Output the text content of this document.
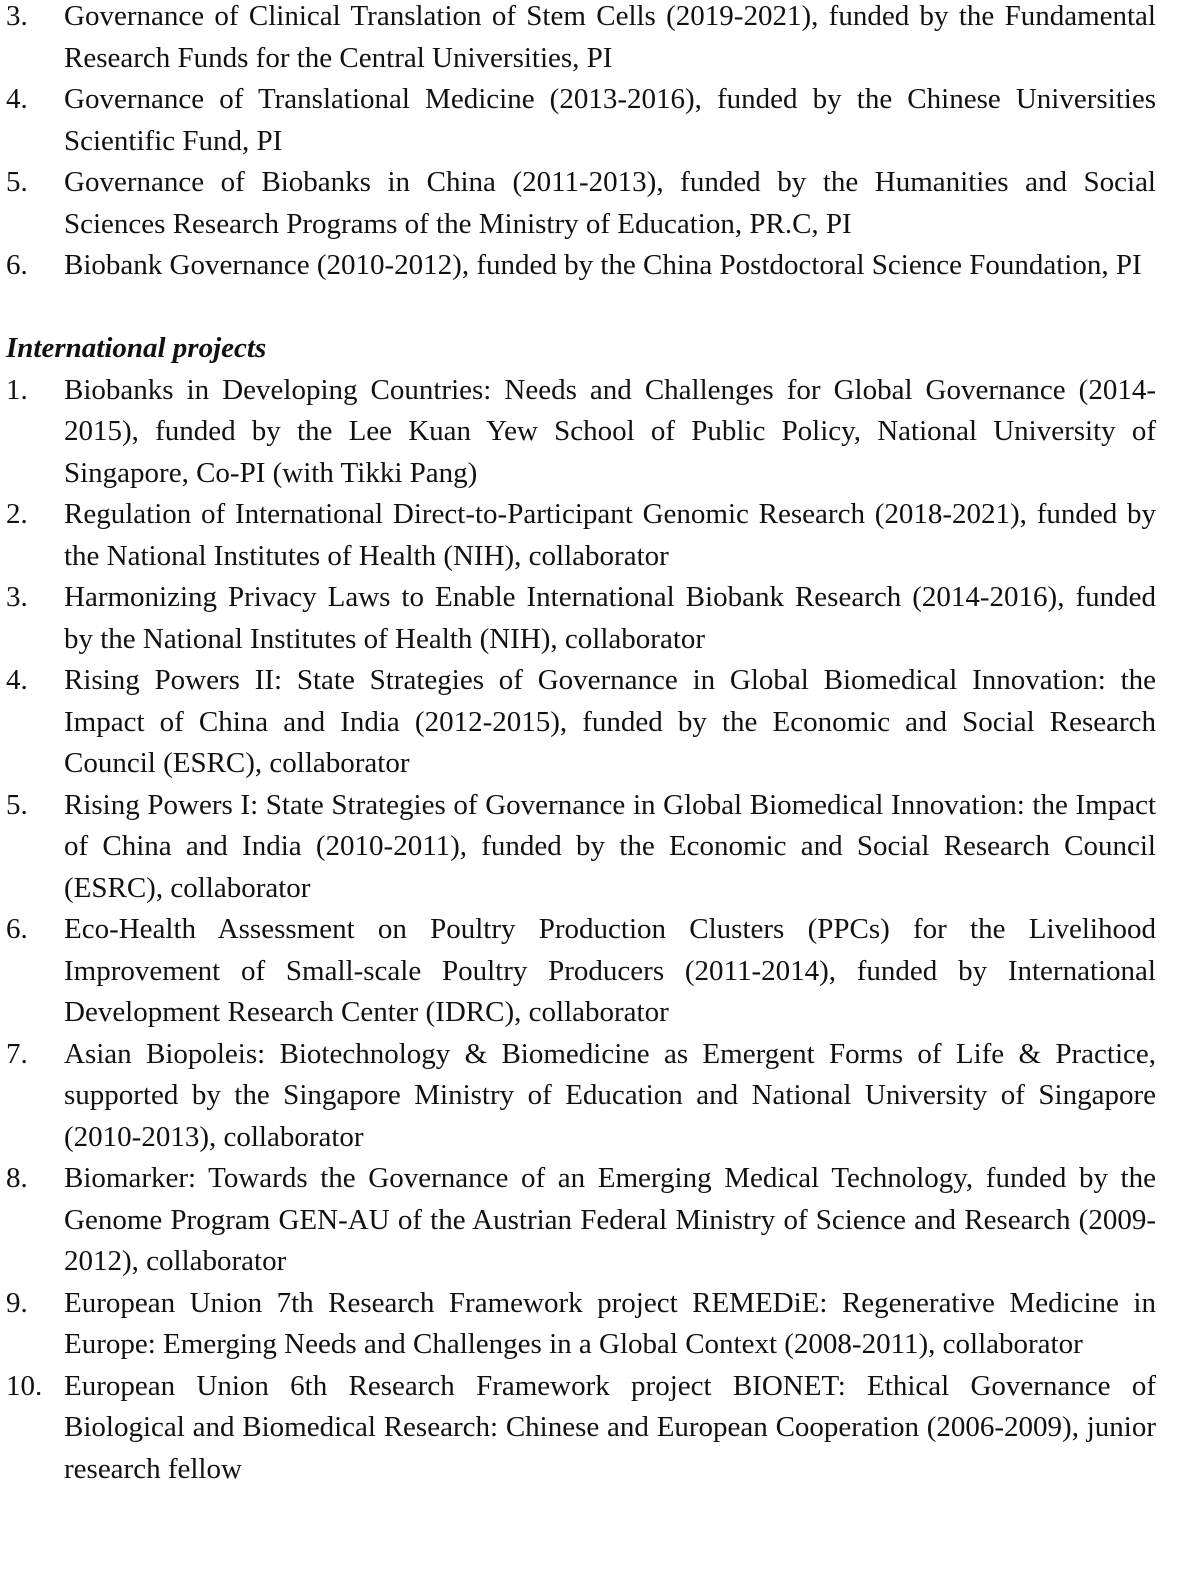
3.	Governance of Clinical Translation of Stem Cells (2019-2021), funded by the Fundamental Research Funds for the Central Universities, PI
4.	Governance of Translational Medicine (2013-2016), funded by the Chinese Universities Scientific Fund, PI
5.	Governance of Biobanks in China (2011-2013), funded by the Humanities and Social Sciences Research Programs of the Ministry of Education, PR.C, PI
6.	Biobank Governance (2010-2012), funded by the China Postdoctoral Science Foundation, PI

International projects

1.	Biobanks in Developing Countries: Needs and Challenges for Global Governance (2014-2015), funded by the Lee Kuan Yew School of Public Policy, National University of Singapore, Co-PI (with Tikki Pang)
2.	Regulation of International Direct-to-Participant Genomic Research (2018-2021), funded by the National Institutes of Health (NIH), collaborator
3.	Harmonizing Privacy Laws to Enable International Biobank Research (2014-2016), funded by the National Institutes of Health (NIH), collaborator
4.	Rising Powers II: State Strategies of Governance in Global Biomedical Innovation: the Impact of China and India (2012-2015), funded by the Economic and Social Research Council (ESRC), collaborator
5.	Rising Powers I: State Strategies of Governance in Global Biomedical Innovation: the Impact of China and India (2010-2011), funded by the Economic and Social Research Council (ESRC), collaborator
6.	Eco-Health Assessment on Poultry Production Clusters (PPCs) for the Livelihood Improvement of Small-scale Poultry Producers (2011-2014), funded by International Development Research Center (IDRC), collaborator
7.	Asian Biopoleis: Biotechnology & Biomedicine as Emergent Forms of Life & Practice, supported by the Singapore Ministry of Education and National University of Singapore (2010-2013), collaborator
8.	Biomarker: Towards the Governance of an Emerging Medical Technology, funded by the Genome Program GEN-AU of the Austrian Federal Ministry of Science and Research (2009-2012), collaborator
9.	European Union 7th Research Framework project REMEDiE: Regenerative Medicine in Europe: Emerging Needs and Challenges in a Global Context (2008-2011), collaborator
10. European Union 6th Research Framework project BIONET: Ethical Governance of Biological and Biomedical Research: Chinese and European Cooperation (2006-2009), junior research fellow
